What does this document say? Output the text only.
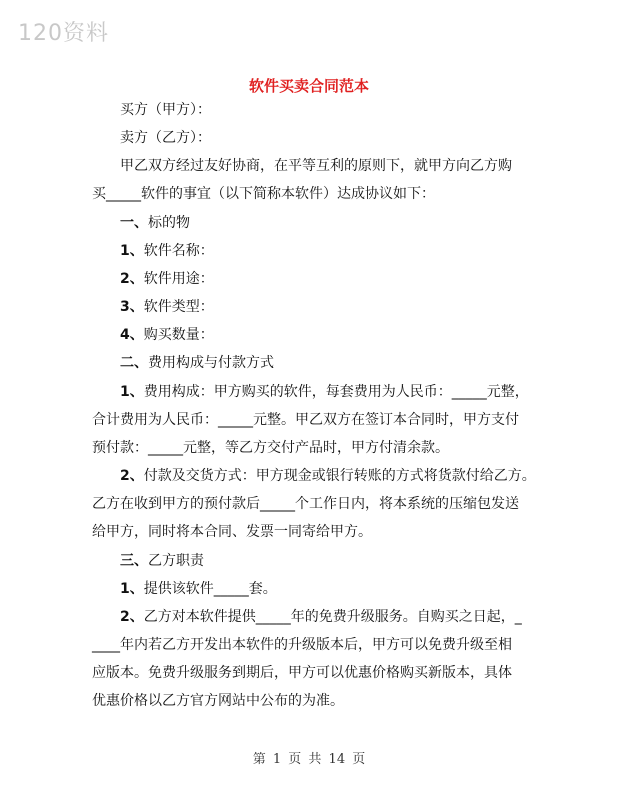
120资料
软件买卖合同范本
买方（甲方）：
卖方（乙方）：
甲乙双方经过友好协商，在平等互利的原则下，就甲方向乙方购
买_____软件的事宜（以下简称本软件）达成协议如下：
一、标的物
1、软件名称：
2、软件用途：
3、软件类型：
4、购买数量：
二、费用构成与付款方式
1、费用构成：甲方购买的软件，每套费用为人民币：_____元整，
合计费用为人民币：_____元整。甲乙双方在签订本合同时，甲方支付
预付款：_____元整，等乙方交付产品时，甲方付清余款。
2、付款及交货方式：甲方现金或银行转账的方式将货款付给乙方。
乙方在收到甲方的预付款后_____个工作日内，将本系统的压缩包发送
给甲方，同时将本合同、发票一同寄给甲方。
三、乙方职责
1、提供该软件_____套。
2、乙方对本软件提供_____年的免费升级服务。自购买之日起，_
____年内若乙方开发出本软件的升级版本后，甲方可以免费升级至相
应版本。免费升级服务到期后，甲方可以优惠价格购买新版本，具体
优惠价格以乙方官方网站中公布的为准。
第 1 页 共 14 页
